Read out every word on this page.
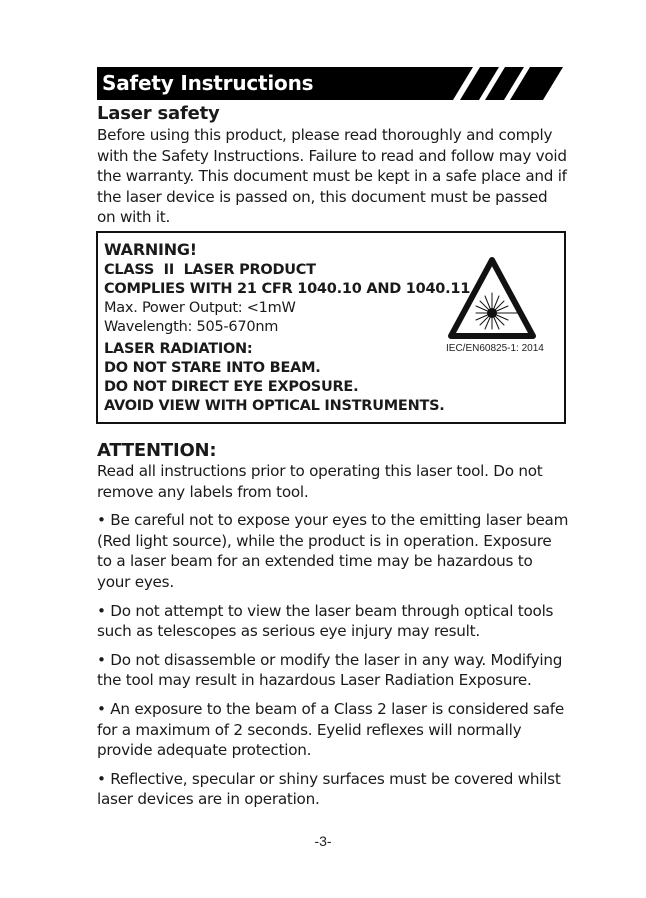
Safety Instructions
Laser safety

Before using this product, please read thoroughly and comply with the Safety Instructions. Failure to read and follow may void the warranty. This document must be kept in a safe place and if the laser device is passed on, this document must be passed on with it.

WARNING!
CLASS  II  LASER PRODUCT
COMPLIES WITH 21 CFR 1040.10 AND 1040.11
Max. Power Output: <1mW
Wavelength: 505-670nm
LASER RADIATION:
DO NOT STARE INTO BEAM.
DO NOT DIRECT EYE EXPOSURE.
AVOID VIEW WITH OPTICAL INSTRUMENTS.
IEC/EN60825-1: 2014
ATTENTION:

Read all instructions prior to operating this laser tool. Do not remove any labels from tool.

• Be careful not to expose your eyes to the emitting laser beam (Red light source), while the product is in operation. Exposure to a laser beam for an extended time may be hazardous to your eyes.

• Do not attempt to view the laser beam through optical tools such as telescopes as serious eye injury may result.

• Do not disassemble or modify the laser in any way. Modifying the tool may result in hazardous Laser Radiation Exposure.

• An exposure to the beam of a Class 2 laser is considered safe for a maximum of 2 seconds. Eyelid reflexes will normally provide adequate protection.

• Reflective, specular or shiny surfaces must be covered whilst laser devices are in operation.

-3-
